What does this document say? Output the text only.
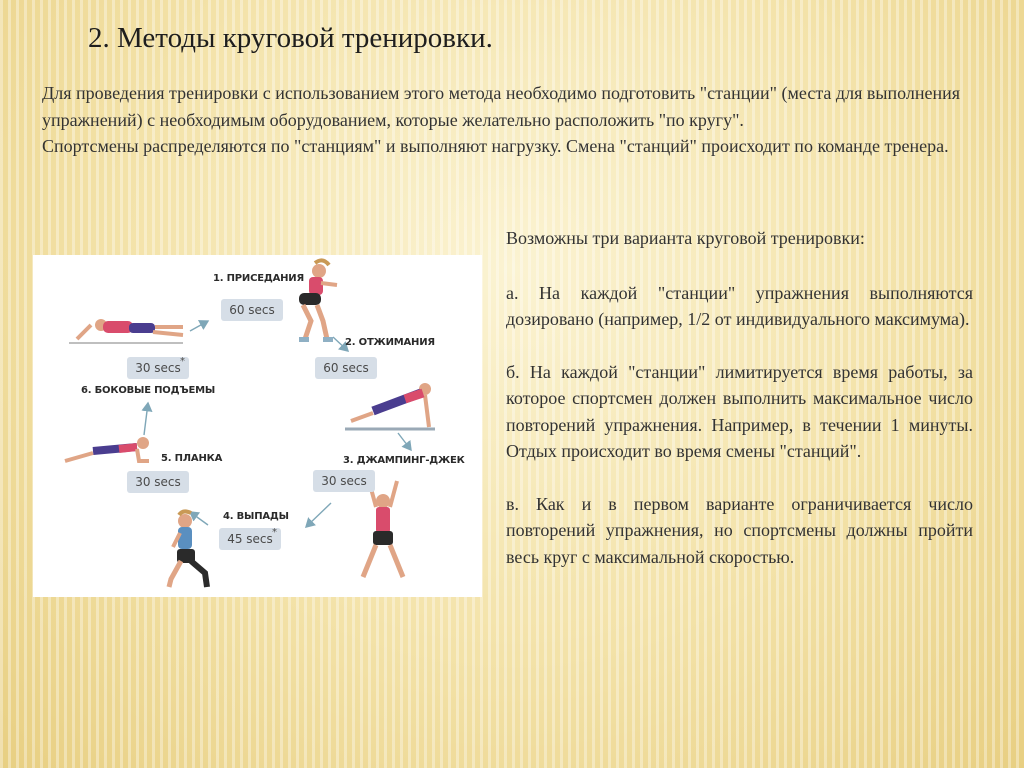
2. Методы круговой тренировки.

Для проведения тренировки с использованием этого метода необходимо подготовить "станции" (места для выполнения упражнений) с необходимым оборудованием, которые желательно расположить "по кругу".

Спортсмены распределяются по "станциям" и выполняют нагрузку. Смена "станций" происходит по команде тренера.

1. ПРИСЕДАНИЯ
60 secs
2. ОТЖИМАНИЯ
60 secs
3. ДЖАМПИНГ-ДЖЕК
30 secs
4. ВЫПАДЫ
45 secs *
5. ПЛАНКА
30 secs
30 secs *
6. БОКОВЫЕ ПОДЪЕМЫ

Возможны три варианта круговой тренировки:

а. На каждой "станции" упражнения выполняются дозировано (например, 1/2 от индивидуального максимума).

б. На каждой "станции" лимитируется время работы, за которое спортсмен должен выполнить максимальное число повторений упражнения. Например, в течении 1 минуты. Отдых происходит во время смены "станций".

в. Как и в первом варианте ограничивается число повторений упражнения, но спортсмены должны пройти весь круг с максимальной скоростью.
